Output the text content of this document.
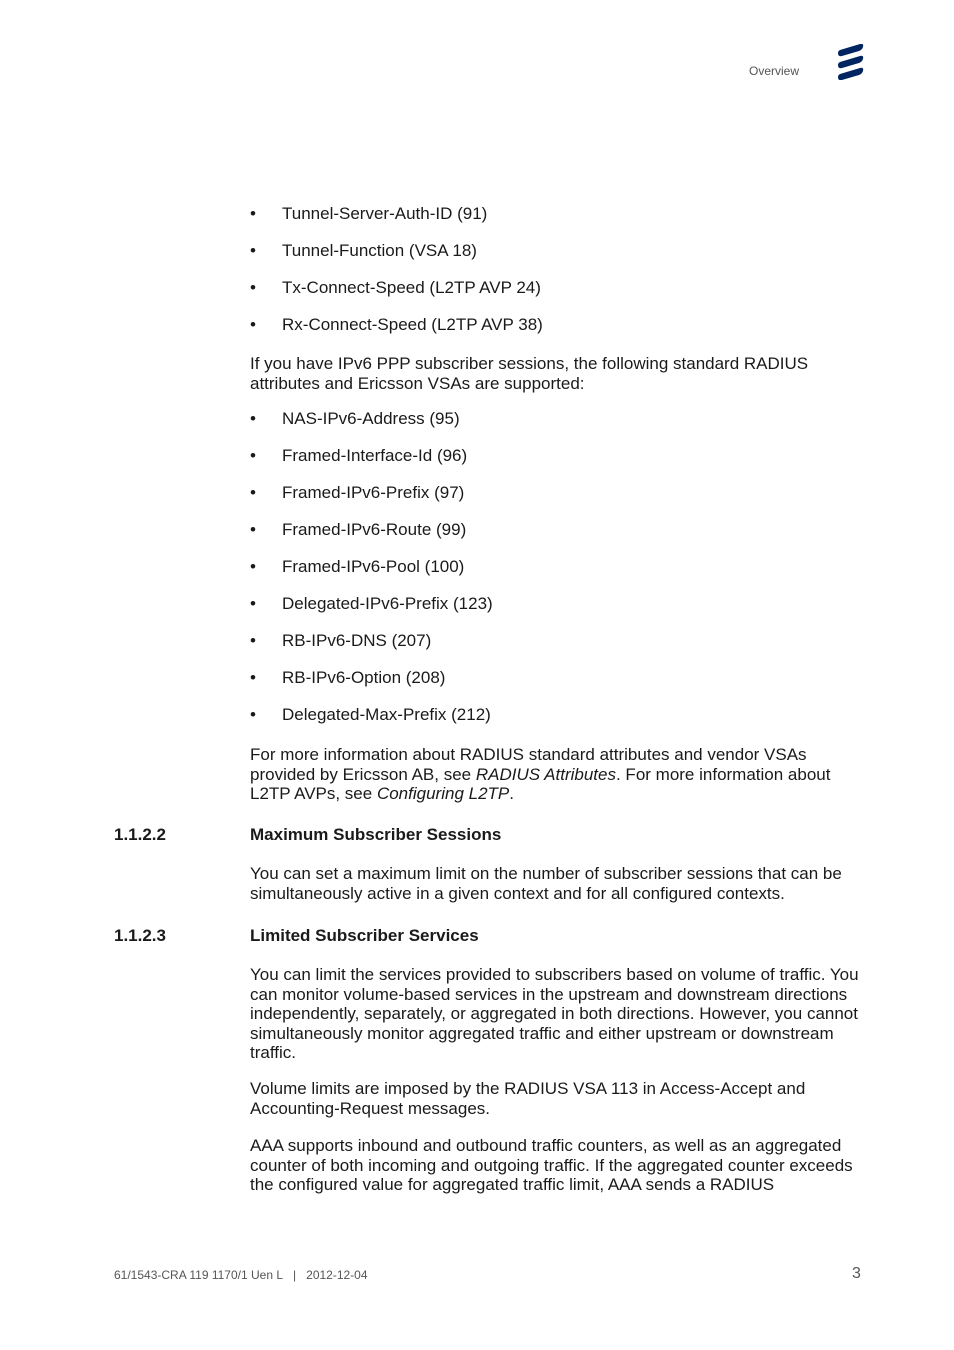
Overview
• Tunnel-Server-Auth-ID (91)
• Tunnel-Function (VSA 18)
• Tx-Connect-Speed (L2TP AVP 24)
• Rx-Connect-Speed (L2TP AVP 38)

If you have IPv6 PPP subscriber sessions, the following standard RADIUS attributes and Ericsson VSAs are supported:

• NAS-IPv6-Address (95)
• Framed-Interface-Id (96)
• Framed-IPv6-Prefix (97)
• Framed-IPv6-Route (99)
• Framed-IPv6-Pool (100)
• Delegated-IPv6-Prefix (123)
• RB-IPv6-DNS (207)
• RB-IPv6-Option (208)
• Delegated-Max-Prefix (212)

For more information about RADIUS standard attributes and vendor VSAs provided by Ericsson AB, see RADIUS Attributes. For more information about L2TP AVPs, see Configuring L2TP.

1.1.2.2	Maximum Subscriber Sessions

You can set a maximum limit on the number of subscriber sessions that can be simultaneously active in a given context and for all configured contexts.

1.1.2.3	Limited Subscriber Services

You can limit the services provided to subscribers based on volume of traffic. You can monitor volume-based services in the upstream and downstream directions independently, separately, or aggregated in both directions. However, you cannot simultaneously monitor aggregated traffic and either upstream or downstream traffic.

Volume limits are imposed by the RADIUS VSA 113 in Access-Accept and Accounting-Request messages.

AAA supports inbound and outbound traffic counters, as well as an aggregated counter of both incoming and outgoing traffic. If the aggregated counter exceeds the configured value for aggregated traffic limit, AAA sends a RADIUS

61/1543-CRA 119 1170/1 Uen L | 2012-12-04	3
